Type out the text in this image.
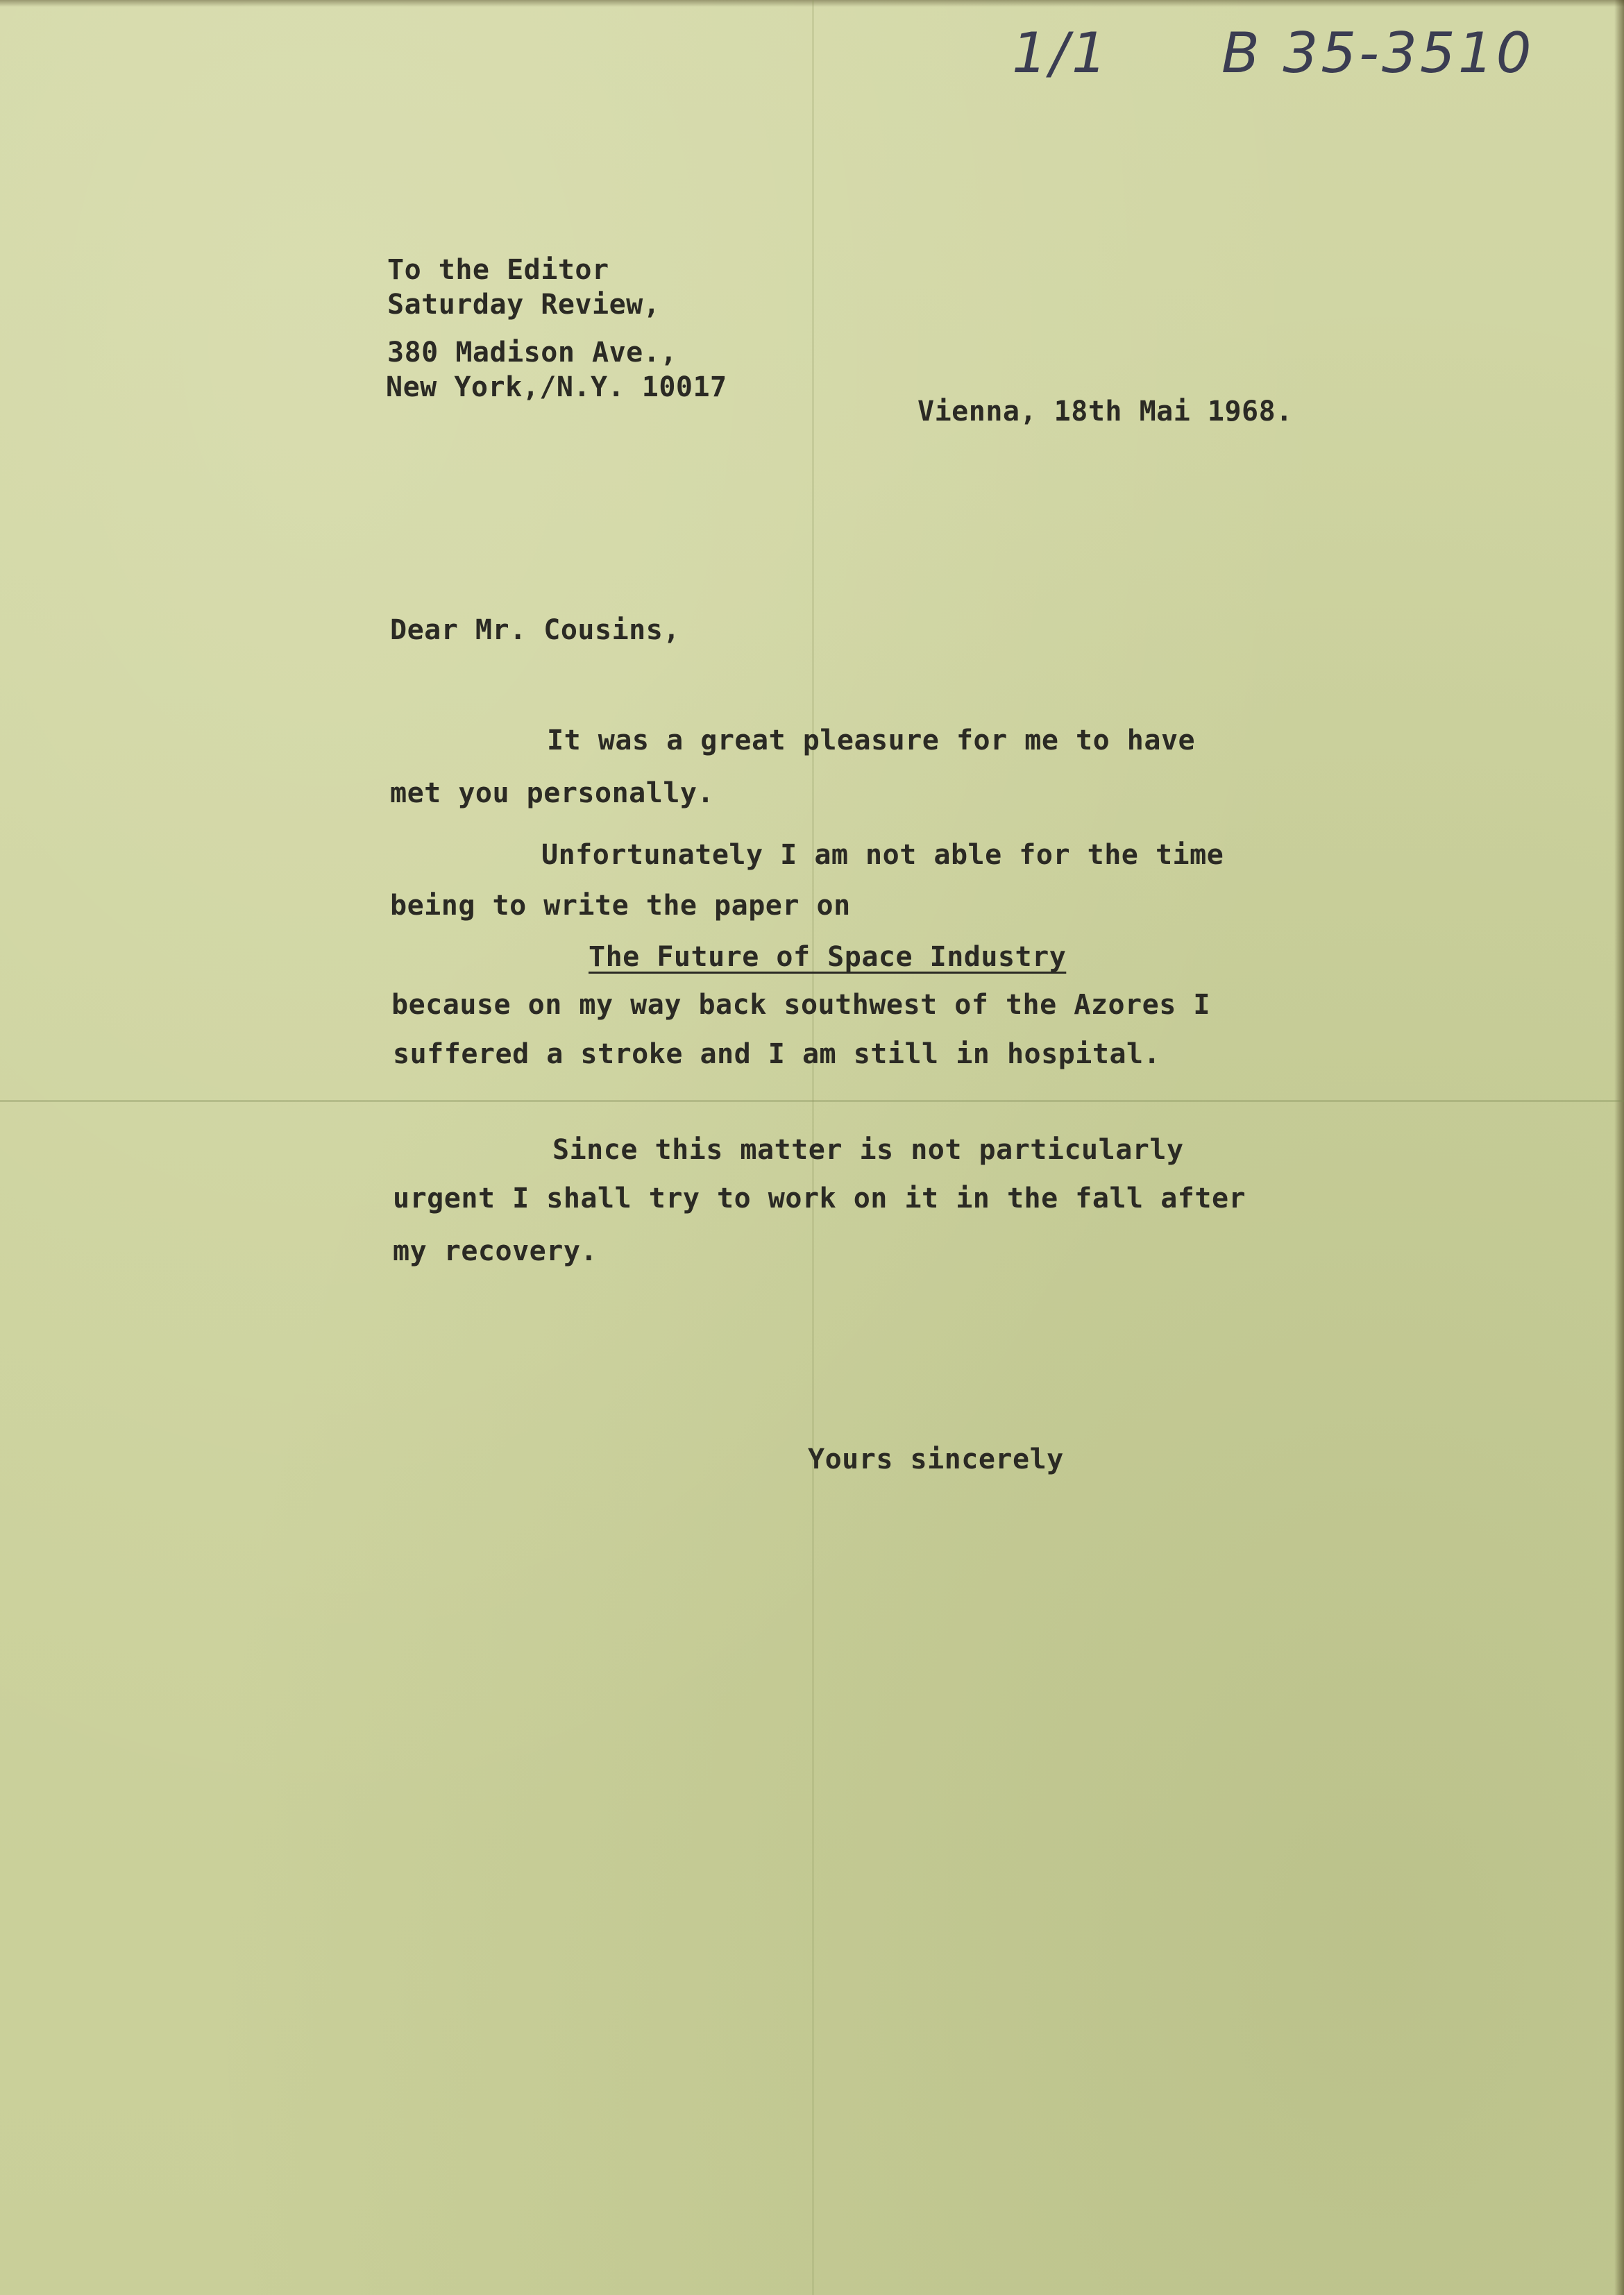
1/1 B 35-3510
To the Editor
Saturday Review,
380 Madison Ave.,
New York,/N.Y. 10017
Vienna, 18th Mai 1968.
Dear Mr. Cousins,
It was a great pleasure for me to have
met you personally.
Unfortunately I am not able for the time
being to write the paper on
The Future of Space Industry
because on my way back southwest of the Azores I
suffered a stroke and I am still in hospital.
Since this matter is not particularly
urgent I shall try to work on it in the fall after
my recovery.
Yours sincerely
